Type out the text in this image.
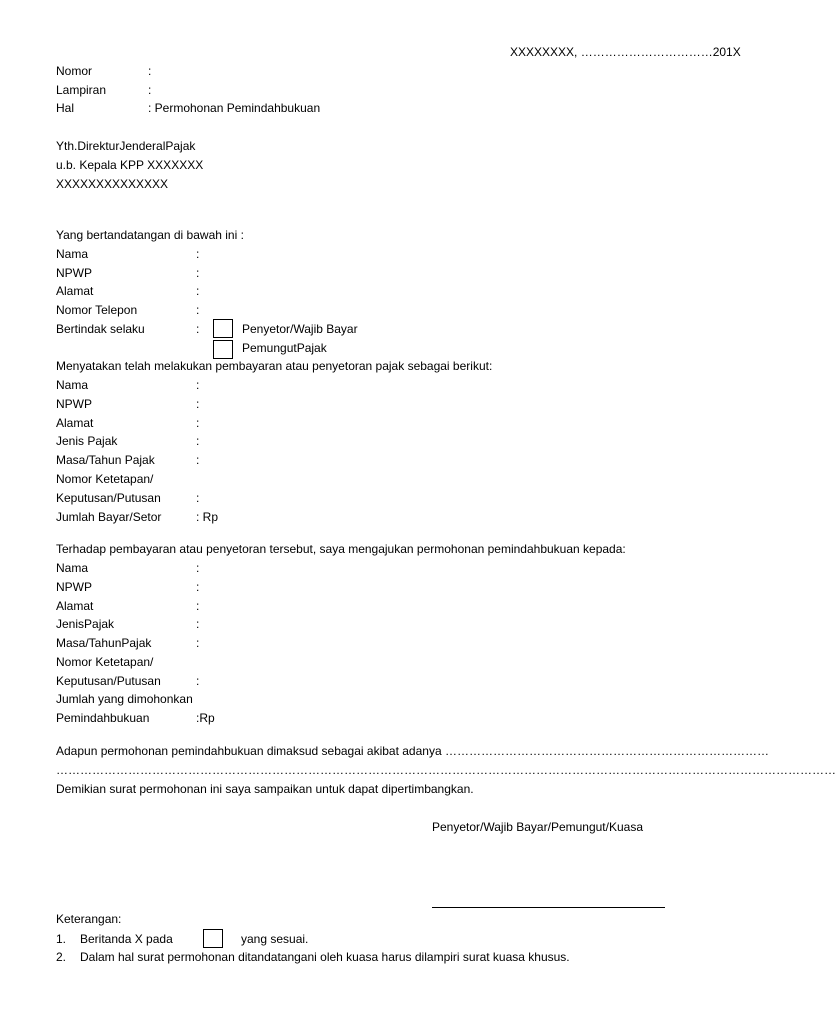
XXXXXXXX, ……………………………201X
Nomor	:
Lampiran	:
Hal	: Permohonan Pemindahbukuan
Yth.DirekturJenderalPajak
u.b. Kepala KPP XXXXXXX
XXXXXXXXXXXXXX
Yang bertandatangan di bawah ini :
Nama	:
NPWP	:
Alamat	:
Nomor Telepon	:
Bertindak selaku	:	Penyetor/Wajib Bayar
PemungutPajak
Menyatakan telah melakukan pembayaran atau penyetoran pajak sebagai berikut:
Nama	:
NPWP	:
Alamat	:
Jenis Pajak	:
Masa/Tahun Pajak	:
Nomor Ketetapan/
Keputusan/Putusan	:
Jumlah Bayar/Setor	: Rp
Terhadap pembayaran atau penyetoran tersebut, saya mengajukan permohonan pemindahbukuan kepada:
Nama	:
NPWP	:
Alamat	:
JenisPajak	:
Masa/TahunPajak	:
Nomor Ketetapan/
Keputusan/Putusan	:
Jumlah yang dimohonkan
Pemindahbukuan	:Rp
Adapun permohonan pemindahbukuan dimaksud sebagai akibat adanya ………………………………………………………………………
……………………………………………………………………………………………………………………………………………………………………………
Demikian surat permohonan ini saya sampaikan untuk dapat dipertimbangkan.
Penyetor/Wajib Bayar/Pemungut/Kuasa
Keterangan:
1. Beritanda X pada	yang sesuai.
2. Dalam hal surat permohonan ditandatangani oleh kuasa harus dilampiri surat kuasa khusus.
